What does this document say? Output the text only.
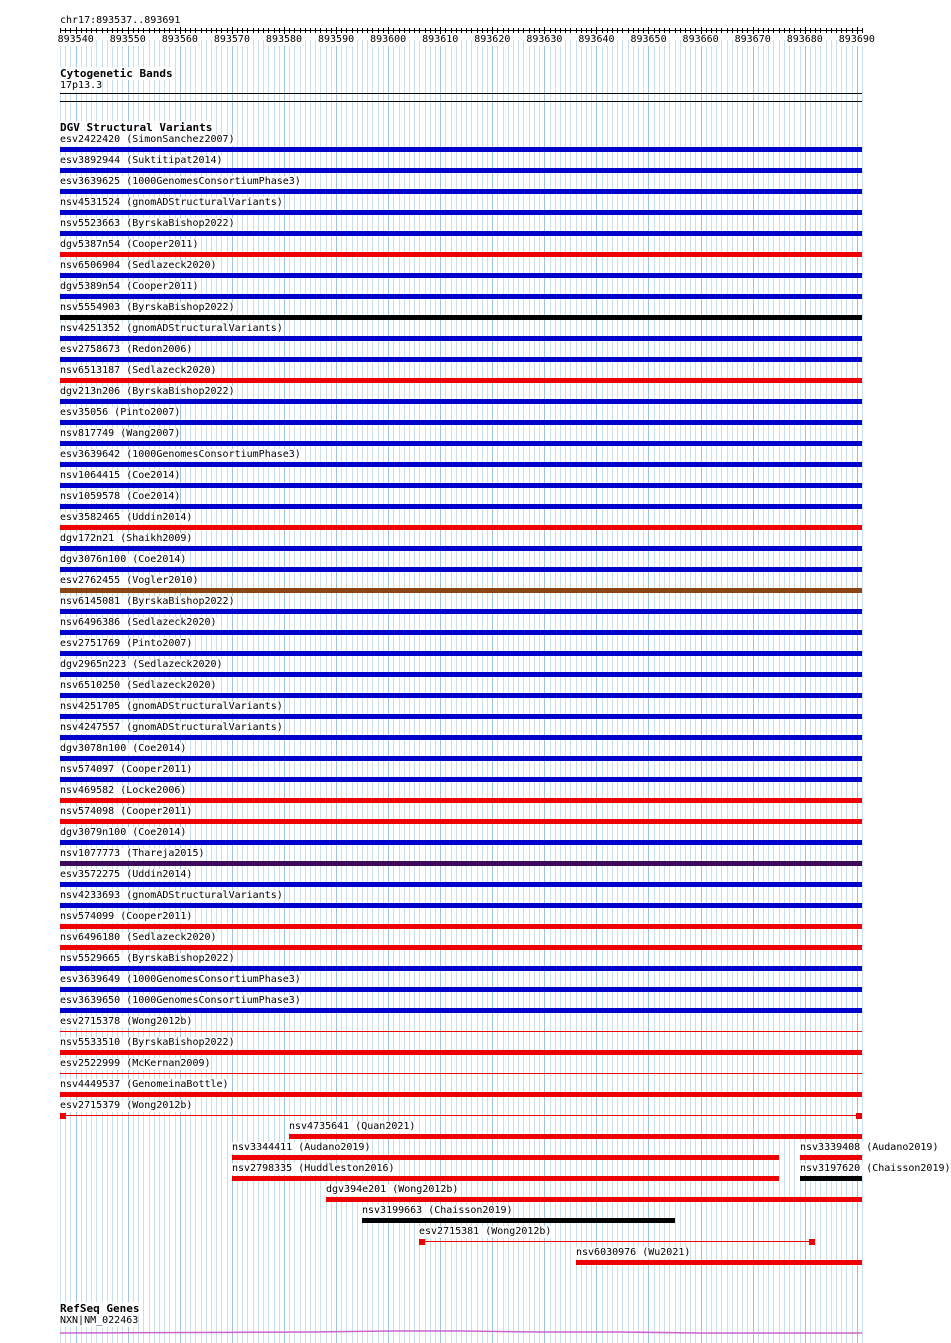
chr17:893537..893691
893540 893550 893560 893570 893580 893590 893600 893610 893620 893630 893640 893650 893660 893670 893680 893690
Cytogenetic Bands
17p13.3
DGV Structural Variants
esv2422420 (SimonSanchez2007)
esv3892944 (Suktitipat2014)
esv3639625 (1000GenomesConsortiumPhase3)
nsv4531524 (gnomADStructuralVariants)
nsv5523663 (ByrskaBishop2022)
dgv5387n54 (Cooper2011)
nsv6506904 (Sedlazeck2020)
dgv5389n54 (Cooper2011)
nsv5554903 (ByrskaBishop2022)
nsv4251352 (gnomADStructuralVariants)
esv2758673 (Redon2006)
nsv6513187 (Sedlazeck2020)
dgv213n206 (ByrskaBishop2022)
esv35056 (Pinto2007)
nsv817749 (Wang2007)
esv3639642 (1000GenomesConsortiumPhase3)
nsv1064415 (Coe2014)
nsv1059578 (Coe2014)
esv3582465 (Uddin2014)
dgv172n21 (Shaikh2009)
dgv3076n100 (Coe2014)
esv2762455 (Vogler2010)
nsv6145081 (ByrskaBishop2022)
nsv6496386 (Sedlazeck2020)
esv2751769 (Pinto2007)
dgv2965n223 (Sedlazeck2020)
nsv6510250 (Sedlazeck2020)
nsv4251705 (gnomADStructuralVariants)
nsv4247557 (gnomADStructuralVariants)
dgv3078n100 (Coe2014)
nsv574097 (Cooper2011)
nsv469582 (Locke2006)
nsv574098 (Cooper2011)
dgv3079n100 (Coe2014)
nsv1077773 (Thareja2015)
esv3572275 (Uddin2014)
nsv4233693 (gnomADStructuralVariants)
nsv574099 (Cooper2011)
nsv6496180 (Sedlazeck2020)
nsv5529665 (ByrskaBishop2022)
esv3639649 (1000GenomesConsortiumPhase3)
esv3639650 (1000GenomesConsortiumPhase3)
esv2715378 (Wong2012b)
nsv5533510 (ByrskaBishop2022)
esv2522999 (McKernan2009)
nsv4449537 (GenomeinaBottle)
esv2715379 (Wong2012b)
nsv4735641 (Quan2021)
nsv3344411 (Audano2019)	nsv3339408 (Audano2019)
nsv2798335 (Huddleston2016)	nsv3197620 (Chaisson2019)
dgv394e201 (Wong2012b)
nsv3199663 (Chaisson2019)
esv2715381 (Wong2012b)
nsv6030976 (Wu2021)
RefSeq Genes
NXN|NM_022463
